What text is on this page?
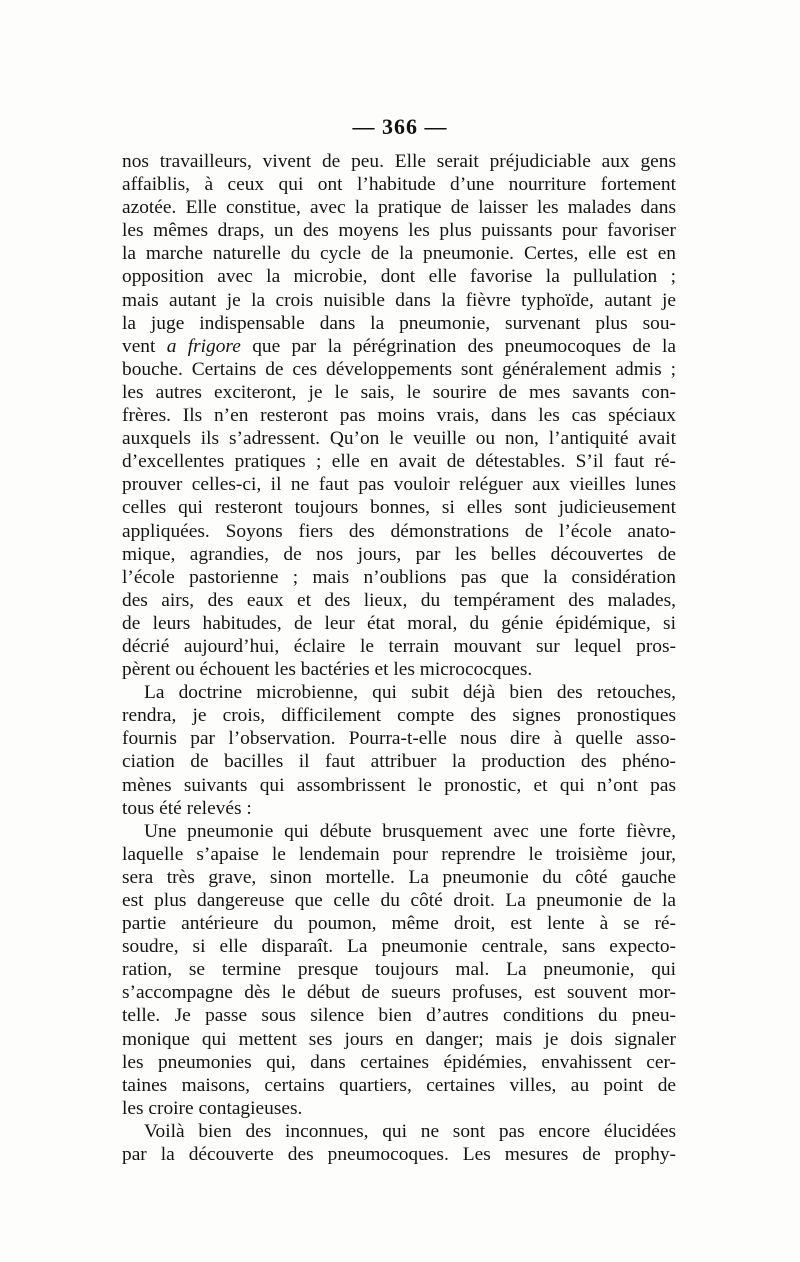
— 366 —
nos travailleurs, vivent de peu. Elle serait préjudiciable aux gens
affaiblis, à ceux qui ont l’habitude d’une nourriture fortement
azotée. Elle constitue, avec la pratique de laisser les malades dans
les mêmes draps, un des moyens les plus puissants pour favoriser
la marche naturelle du cycle de la pneumonie. Certes, elle est en
opposition avec la microbie, dont elle favorise la pullulation ;
mais autant je la crois nuisible dans la fièvre typhoïde, autant je
la juge indispensable dans la pneumonie, survenant plus sou-
vent a frigore que par la pérégrination des pneumocoques de la
bouche. Certains de ces développements sont généralement admis ;
les autres exciteront, je le sais, le sourire de mes savants con-
frères. Ils n’en resteront pas moins vrais, dans les cas spéciaux
auxquels ils s’adressent. Qu’on le veuille ou non, l’antiquité avait
d’excellentes pratiques ; elle en avait de détestables. S’il faut ré-
prouver celles-ci, il ne faut pas vouloir reléguer aux vieilles lunes
celles qui resteront toujours bonnes, si elles sont judicieusement
appliquées. Soyons fiers des démonstrations de l’école anato-
mique, agrandies, de nos jours, par les belles découvertes de
l’école pastorienne ; mais n’oublions pas que la considération
des airs, des eaux et des lieux, du tempérament des malades,
de leurs habitudes, de leur état moral, du génie épidémique, si
décrié aujourd’hui, éclaire le terrain mouvant sur lequel pros-
pèrent ou échouent les bactéries et les micrococques.
La doctrine microbienne, qui subit déjà bien des retouches,
rendra, je crois, difficilement compte des signes pronostiques
fournis par l’observation. Pourra-t-elle nous dire à quelle asso-
ciation de bacilles il faut attribuer la production des phéno-
mènes suivants qui assombrissent le pronostic, et qui n’ont pas
tous été relevés :
Une pneumonie qui débute brusquement avec une forte fièvre,
laquelle s’apaise le lendemain pour reprendre le troisième jour,
sera très grave, sinon mortelle. La pneumonie du côté gauche
est plus dangereuse que celle du côté droit. La pneumonie de la
partie antérieure du poumon, même droit, est lente à se ré-
soudre, si elle disparaît. La pneumonie centrale, sans expecto-
ration, se termine presque toujours mal. La pneumonie, qui
s’accompagne dès le début de sueurs profuses, est souvent mor-
telle. Je passe sous silence bien d’autres conditions du pneu-
monique qui mettent ses jours en danger; mais je dois signaler
les pneumonies qui, dans certaines épidémies, envahissent cer-
taines maisons, certains quartiers, certaines villes, au point de
les croire contagieuses.
Voilà bien des inconnues, qui ne sont pas encore élucidées
par la découverte des pneumocoques. Les mesures de prophy-
